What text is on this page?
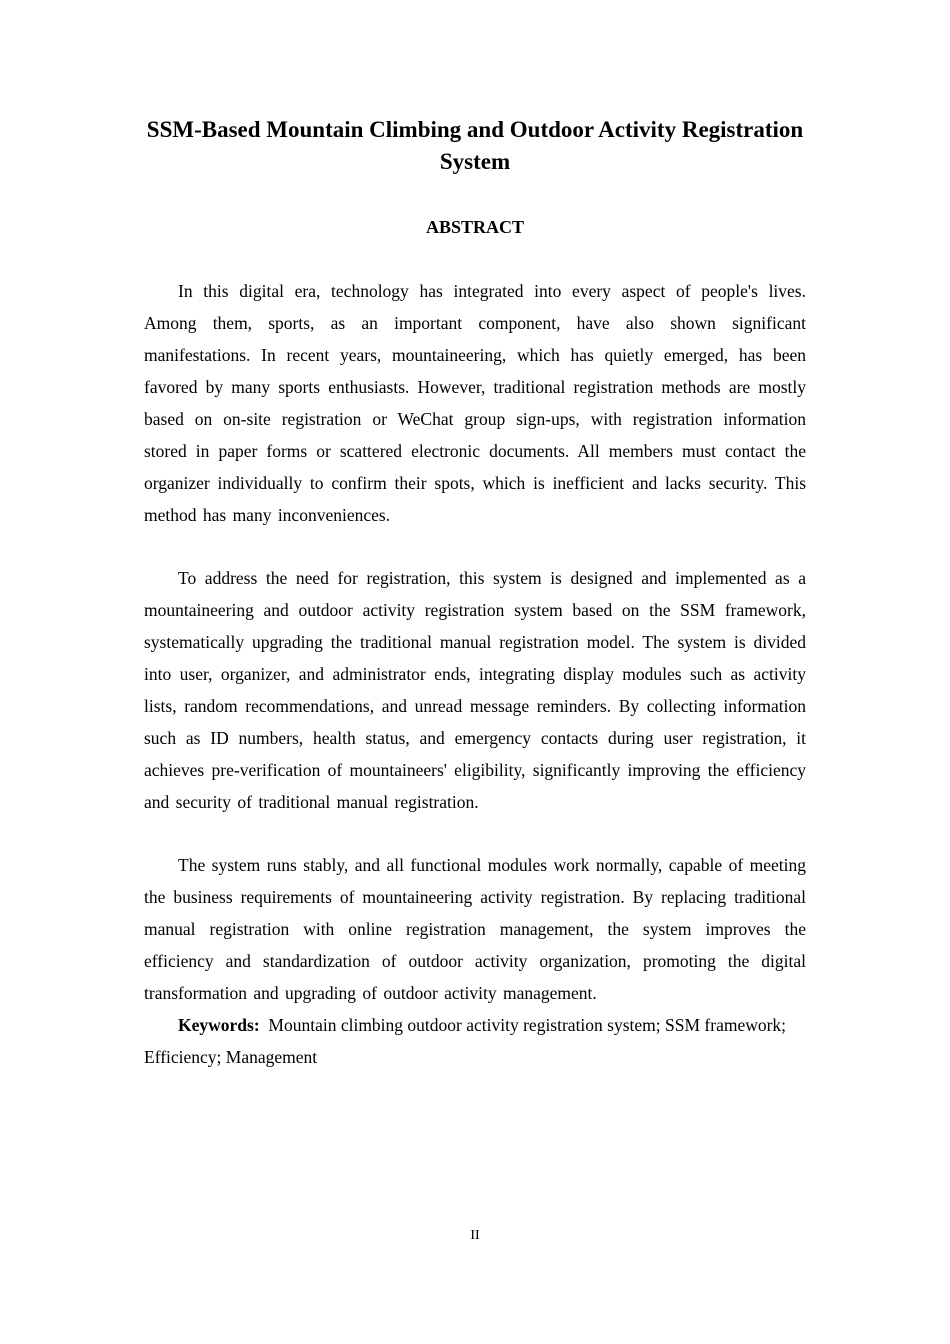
SSM-Based Mountain Climbing and Outdoor Activity Registration System
ABSTRACT

In this digital era, technology has integrated into every aspect of people's lives. Among them, sports, as an important component, have also shown significant manifestations. In recent years, mountaineering, which has quietly emerged, has been favored by many sports enthusiasts. However, traditional registration methods are mostly based on on-site registration or WeChat group sign-ups, with registration information stored in paper forms or scattered electronic documents. All members must contact the organizer individually to confirm their spots, which is inefficient and lacks security. This method has many inconveniences.

To address the need for registration, this system is designed and implemented as a mountaineering and outdoor activity registration system based on the SSM framework, systematically upgrading the traditional manual registration model. The system is divided into user, organizer, and administrator ends, integrating display modules such as activity lists, random recommendations, and unread message reminders. By collecting information such as ID numbers, health status, and emergency contacts during user registration, it achieves pre-verification of mountaineers' eligibility, significantly improving the efficiency and security of traditional manual registration.

The system runs stably, and all functional modules work normally, capable of meeting the business requirements of mountaineering activity registration. By replacing traditional manual registration with online registration management, the system improves the efficiency and standardization of outdoor activity organization, promoting the digital transformation and upgrading of outdoor activity management.

Keywords: Mountain climbing outdoor activity registration system; SSM framework; Efficiency; Management

II
